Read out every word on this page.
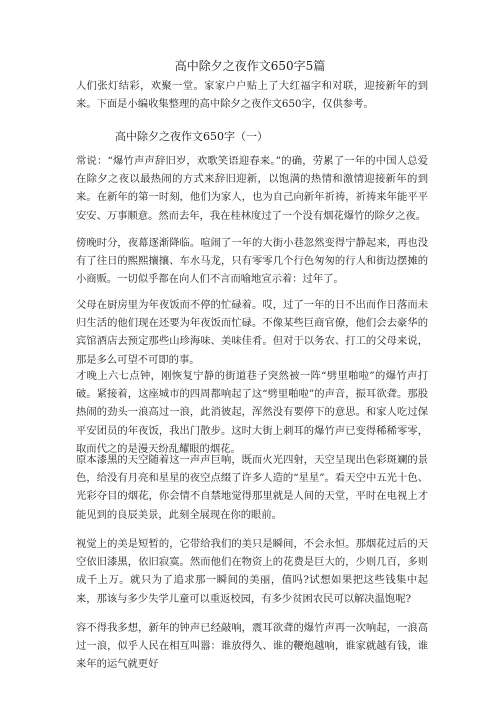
高中除夕之夜作文650字5篇

人们张灯结彩，欢聚一堂。家家户户贴上了大红福字和对联，迎接新年的到来。下面是小编收集整理的高中除夕之夜作文650字，仅供参考。

高中除夕之夜作文650字（一）

常说：“爆竹声声辞旧岁，欢歌笑语迎春来。”的确，劳累了一年的中国人总爱在除夕之夜以最热闹的方式来辞旧迎新，以饱满的热情和激情迎接新年的到来。在新年的第一时刻，他们为家人，也为自己向新年祈祷，祈祷来年能平平安安、万事顺意。然而去年，我在桂林度过了一个没有烟花爆竹的除夕之夜。

傍晚时分，夜幕逐渐降临。喧闹了一年的大街小巷忽然变得宁静起来，再也没有了往日的熙熙攘攘、车水马龙，只有零零几个行色匆匆的行人和街边摆摊的小商贩。一切似乎都在向人们不言而喻地宣示着：过年了。

父母在厨房里为年夜饭而不停的忙碌着。哎，过了一年的日不出而作日落而未归生活的他们现在还要为年夜饭而忙碌。不像某些巨商官僚，他们会去豪华的宾馆酒店去预定那些山珍海味、美味佳肴。但对于以务农、打工的父母来说，那是多么可望不可即的事。

才晚上六七点钟，刚恢复宁静的街道巷子突然被一阵“劈里啪啦”的爆竹声打破。紧接着，这座城市的四周都响起了这“劈里啪啦”的声音，振耳欲聋。那股热闹的劲头一浪高过一浪，此消彼起，浑然没有要停下的意思。和家人吃过保平安团员的年夜饭，我出门散步。这时大街上刺耳的爆竹声已变得稀稀零零，取而代之的是漫天纷乱耀眼的烟花。

原本漆黑的天空随着这一声声巨响，既而火光四射，天空呈现出色彩斑斓的景色，给没有月亮和星星的夜空点缀了许多人造的“星星”。看天空中五光十色、光彩夺目的烟花，你会情不自禁地觉得那里就是人间的天堂，平时在电视上才能见到的良辰美景，此刻全展现在你的眼前。

视觉上的美是短暂的，它带给我们的美只是瞬间，不会永恒。那烟花过后的天空依旧漆黑，依旧寂寞。然而他们在物资上的花费是巨大的，少则几百，多则成千上万。就只为了追求那一瞬间的美丽，值吗?试想如果把这些钱集中起来，那该与多少失学儿童可以重返校园，有多少贫困农民可以解决温饱呢?

容不得我多想，新年的钟声已经敲响，震耳欲聋的爆竹声再一次响起，一浪高过一浪，似乎人民在相互叫嚣：谁放得久、谁的鞭炮越响，谁家就越有钱，谁来年的运气就更好
